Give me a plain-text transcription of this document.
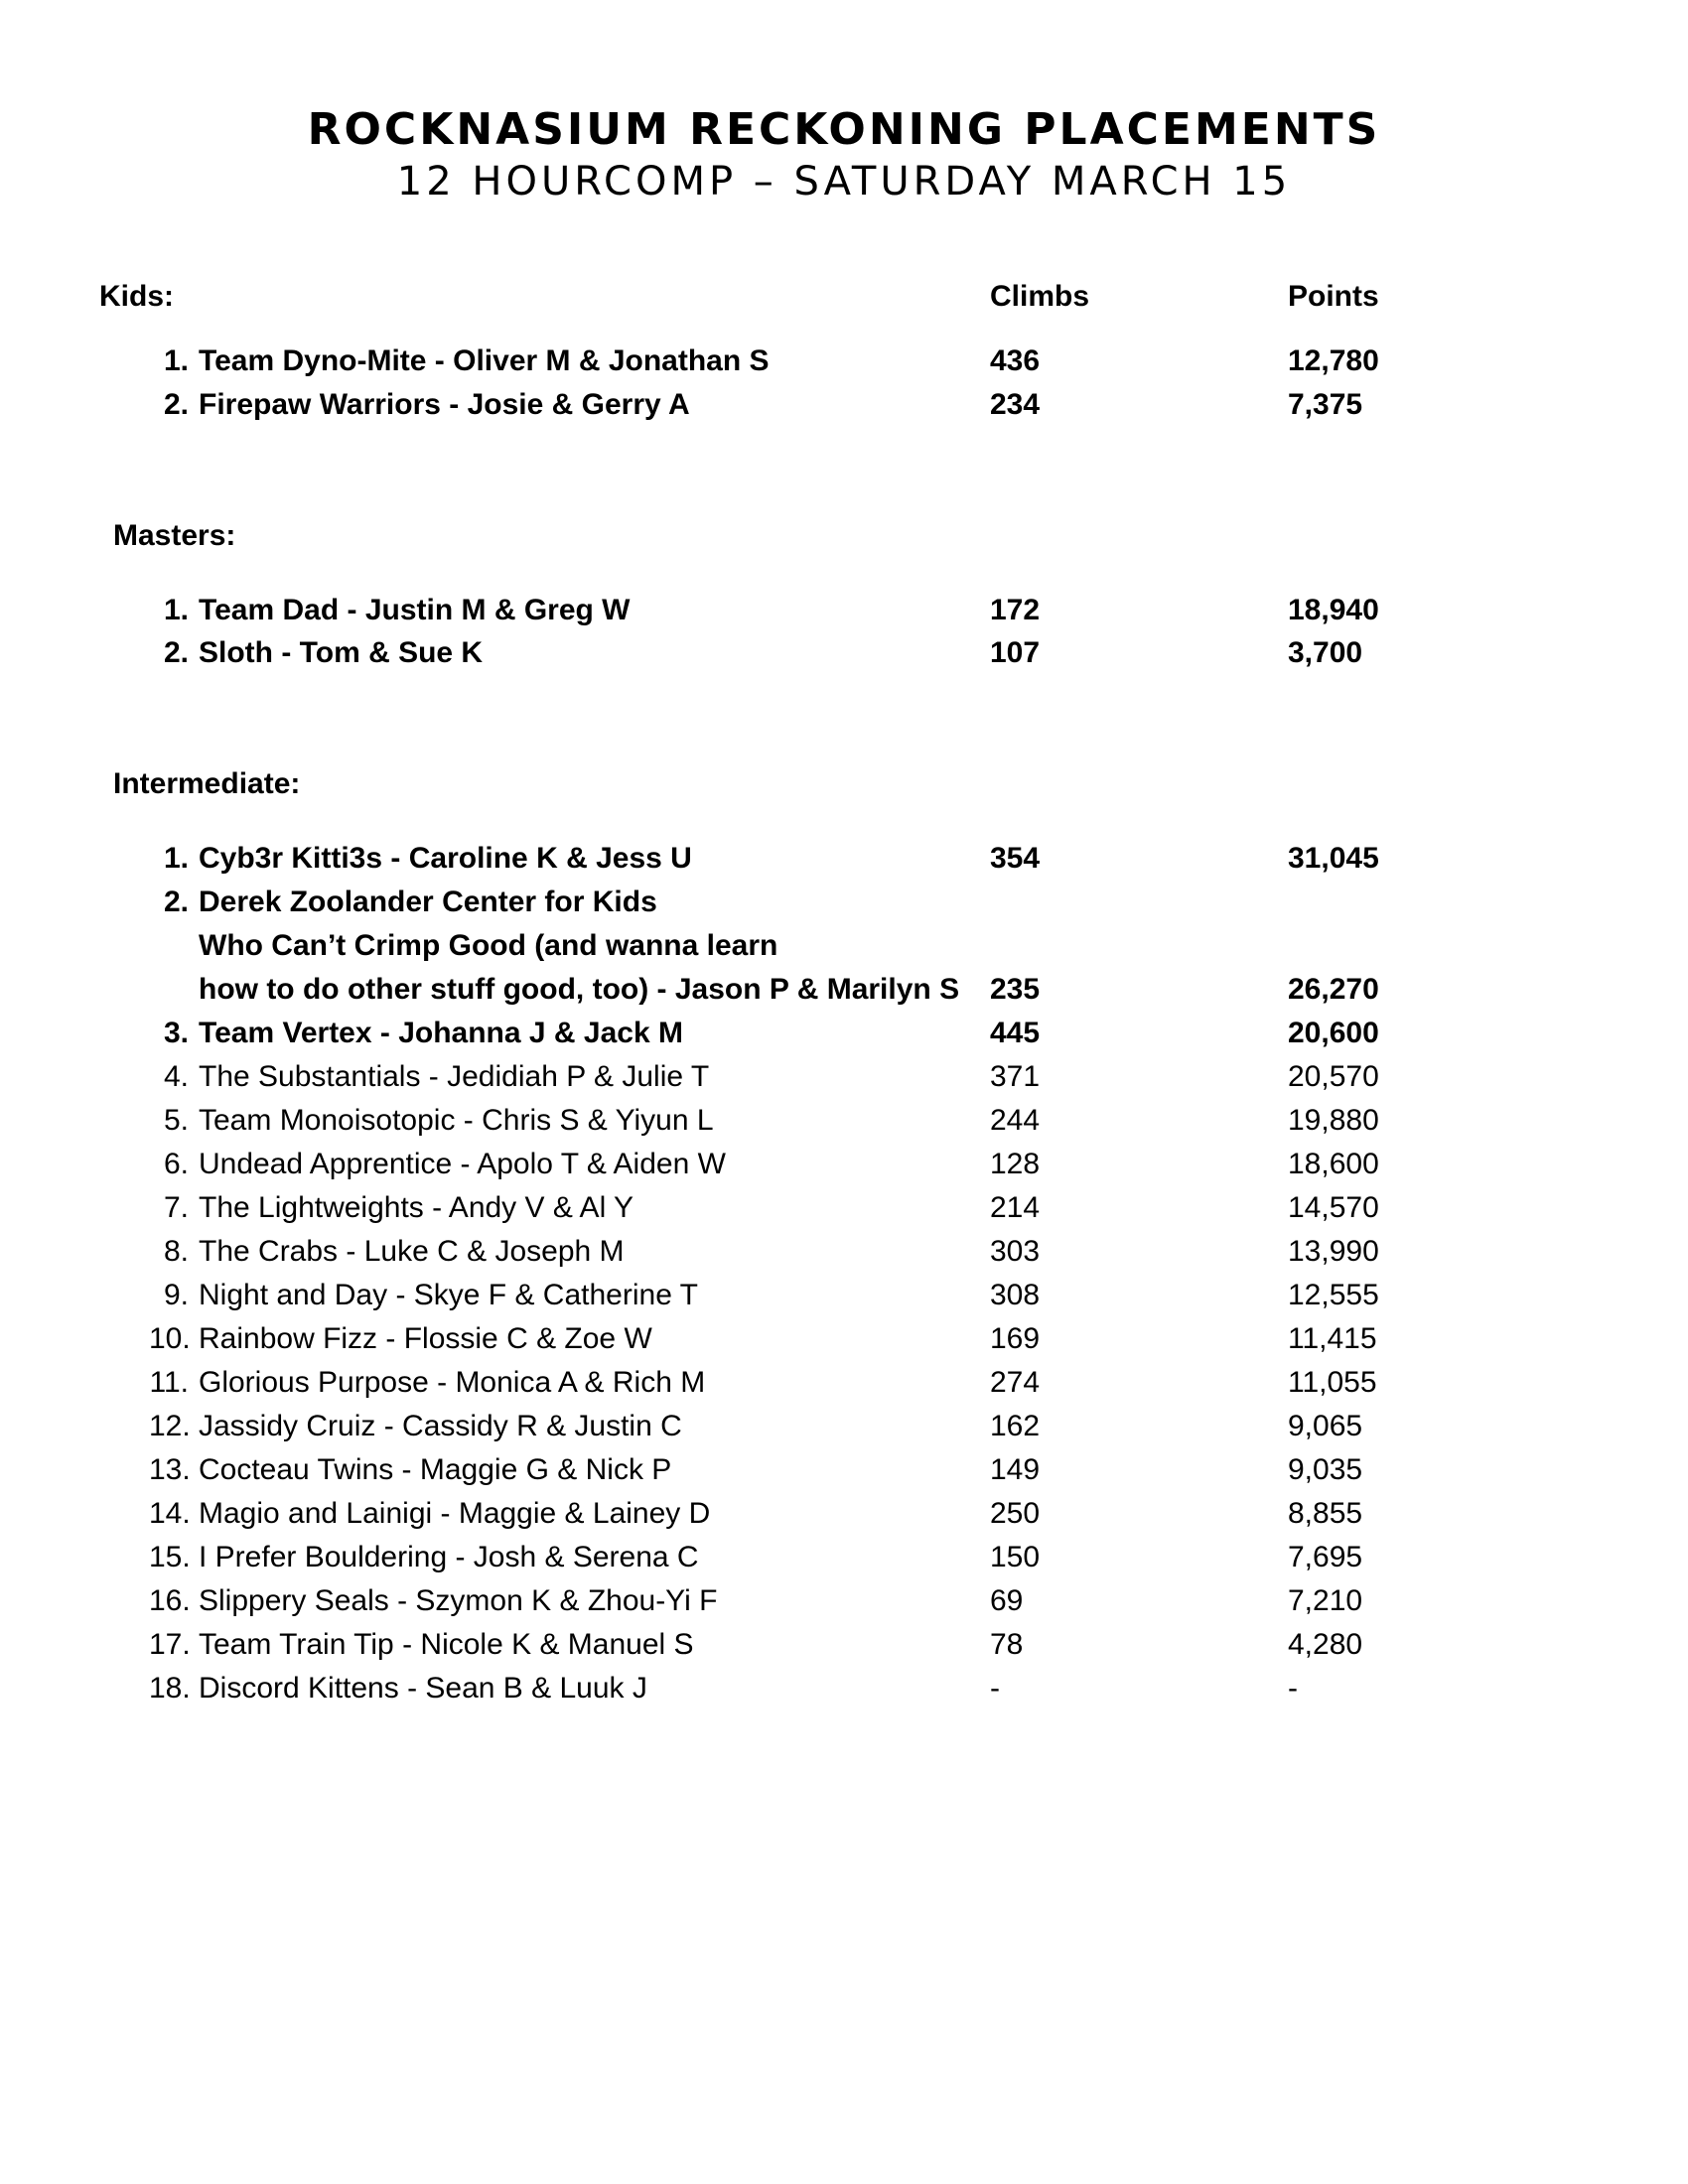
ROCKNASIUM RECKONING PLACEMENTS
12 HOURCOMP – SATURDAY MARCH 15
Kids:	Climbs	Points
1. Team Dyno-Mite - Oliver M & Jonathan S	436	12,780
2. Firepaw Warriors - Josie & Gerry A	234	7,375
Masters:
1. Team Dad - Justin M & Greg W	172	18,940
2. Sloth - Tom & Sue K	107	3,700
Intermediate:
1. Cyb3r Kitti3s - Caroline K & Jess U	354	31,045
2. Derek Zoolander Center for Kids
Who Can’t Crimp Good (and wanna learn
how to do other stuff good, too) - Jason P & Marilyn S 235	26,270
3. Team Vertex - Johanna J & Jack M	445	20,600
4. The Substantials - Jedidiah P & Julie T	371	20,570
5. Team Monoisotopic - Chris S & Yiyun L	244	19,880
6. Undead Apprentice - Apolo T & Aiden W	128	18,600
7. The Lightweights - Andy V & Al Y	214	14,570
8. The Crabs - Luke C & Joseph M	303	13,990
9. Night and Day - Skye F & Catherine T	308	12,555
10. Rainbow Fizz - Flossie C & Zoe W	169	11,415
11. Glorious Purpose - Monica A & Rich M	274	11,055
12. Jassidy Cruiz - Cassidy R & Justin C	162	9,065
13. Cocteau Twins - Maggie G & Nick P	149	9,035
14. Magio and Lainigi - Maggie & Lainey D	250	8,855
15. I Prefer Bouldering - Josh & Serena C	150	7,695
16. Slippery Seals - Szymon K & Zhou-Yi F	69	7,210
17. Team Train Tip - Nicole K & Manuel S	78	4,280
18. Discord Kittens - Sean B & Luuk J	-	-
